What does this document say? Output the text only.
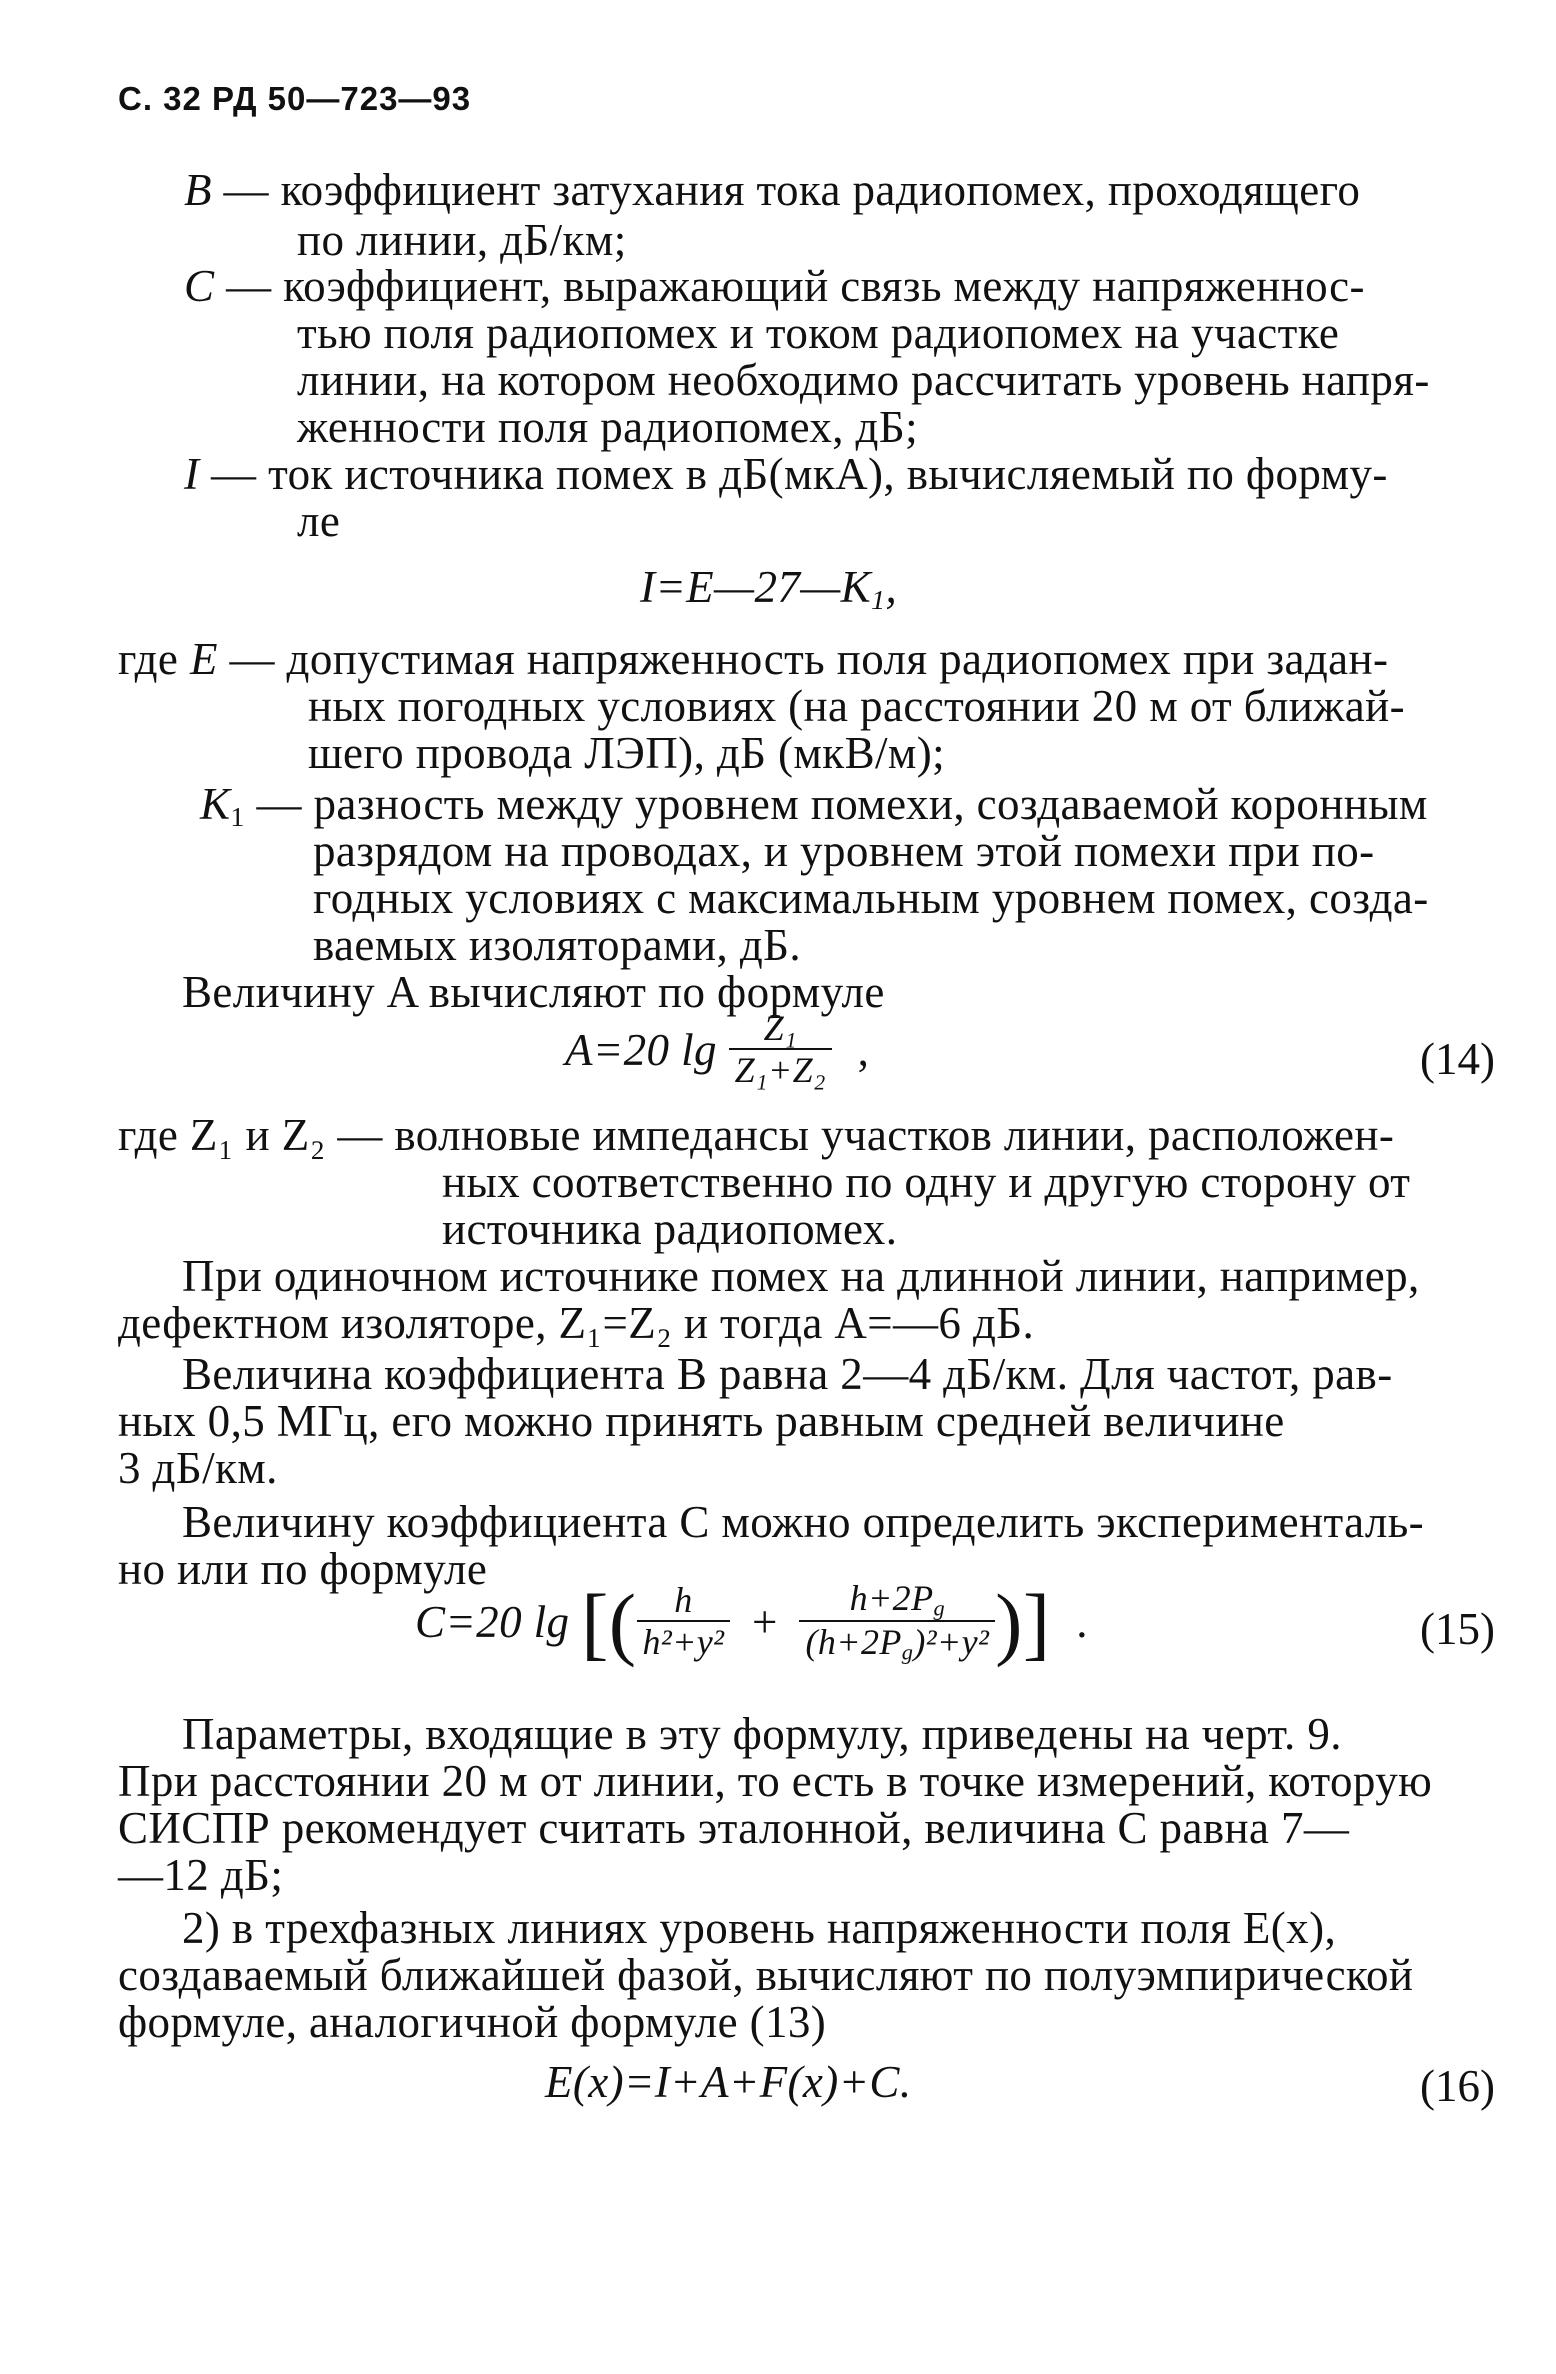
С. 32 РД 50—723—93
B — коэффициент затухания тока радиопомех, проходящего
по линии, дБ/км;
C — коэффициент, выражающий связь между напряженнос-
тью поля радиопомех и током радиопомех на участке
линии, на котором необходимо рассчитать уровень напря-
женности поля радиопомех, дБ;
I — ток источника помех в дБ(мкА), вычисляемый по форму-
ле
$I=E—27—K_1$,
где E — допустимая напряженность поля радиопомех при задан-
ных погодных условиях (на расстоянии 20 м от ближай-
шего провода ЛЭП), дБ (мкВ/м);
$K_1$ — разность между уровнем помехи, создаваемой коронным
разрядом на проводах, и уровнем этой помехи при по-
годных условиях с максимальным уровнем помех, созда-
ваемых изоляторами, дБ.
Величину A вычисляют по формуле
A=20 $\lg \frac{\text{Z₁}}{\text{Z₁+Z₂}}$ ,	(14)
где Z₁ и Z₂ — волновые импедансы участков линии, расположен-
ных соответственно по одну и другую сторону от
источника радиопомех.
При одиночном источнике помех на длинной линии, например,
дефектном изоляторе, Z₁=Z₂ и тогда A=—6 дБ.
Величина коэффициента B равна 2—4 дБ/км. Для частот, рав-
ных 0,5 МГц, его можно принять равным средней величине
3 дБ/км.
Величину коэффициента C можно определить эксперименталь-
но или по формуле
C=20 lg [( $\frac{h}{\text{h²+y²}} + \frac{h+2P_g}{(h+2P_g)^2+y^2}$ )] .	(15)
Параметры, входящие в эту формулу, приведены на черт. 9.
При расстоянии 20 м от линии, то есть в точке измерений, которую
СИСПР рекомендует считать эталонной, величина C равна 7—
—12 дБ;
2) в трехфазных линиях уровень напряженности поля E(x),
создаваемый ближайшей фазой, вычисляют по полуэмпирической
формуле, аналогичной формуле (13)
E(x)=I+A+F(x)+C.	(16)
